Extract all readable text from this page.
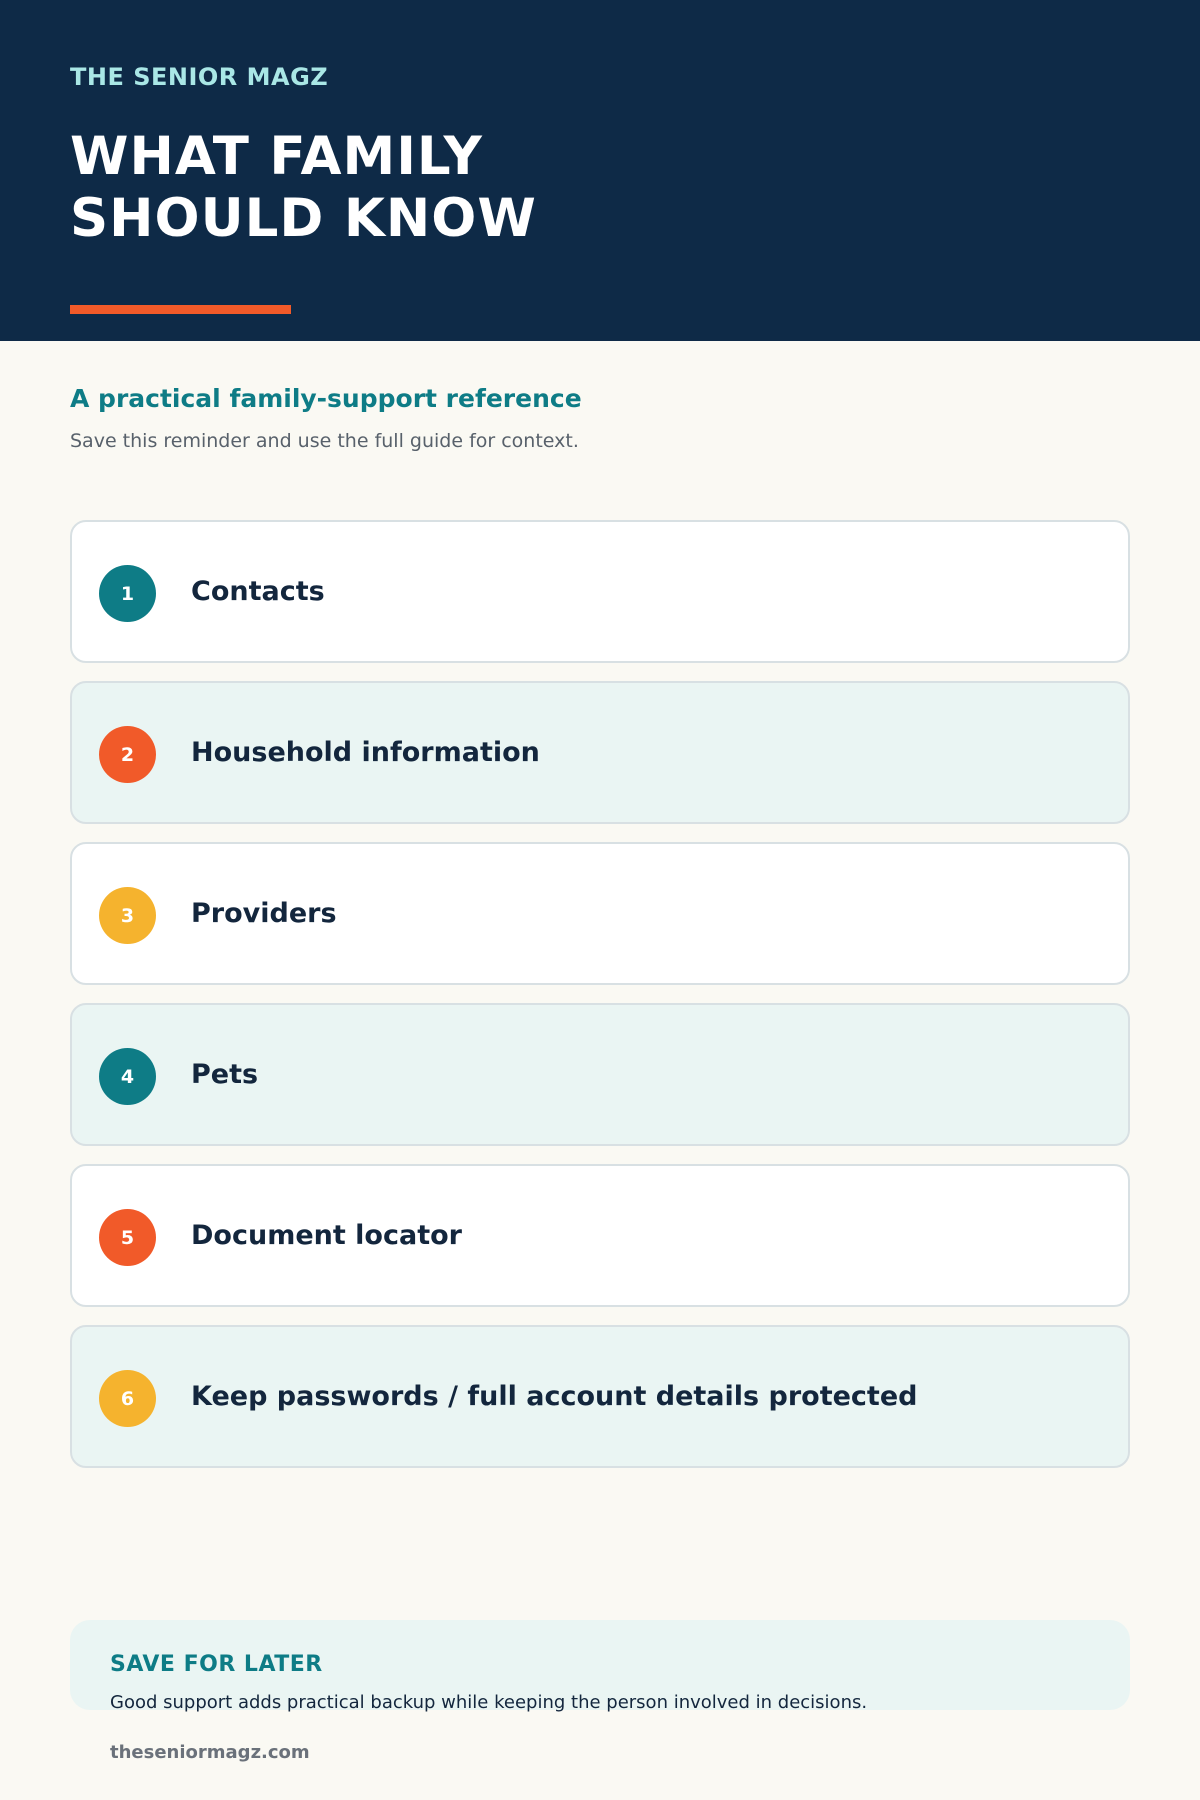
THE SENIOR MAGZ
WHAT FAMILY
SHOULD KNOW
A practical family-support reference
Save this reminder and use the full guide for context.
1	Contacts
2	Household information
3	Providers
4	Pets
5	Document locator
6	Keep passwords / full account details protected
SAVE FOR LATER
Good support adds practical backup while keeping the person involved in decisions.
theseniormagz.com
